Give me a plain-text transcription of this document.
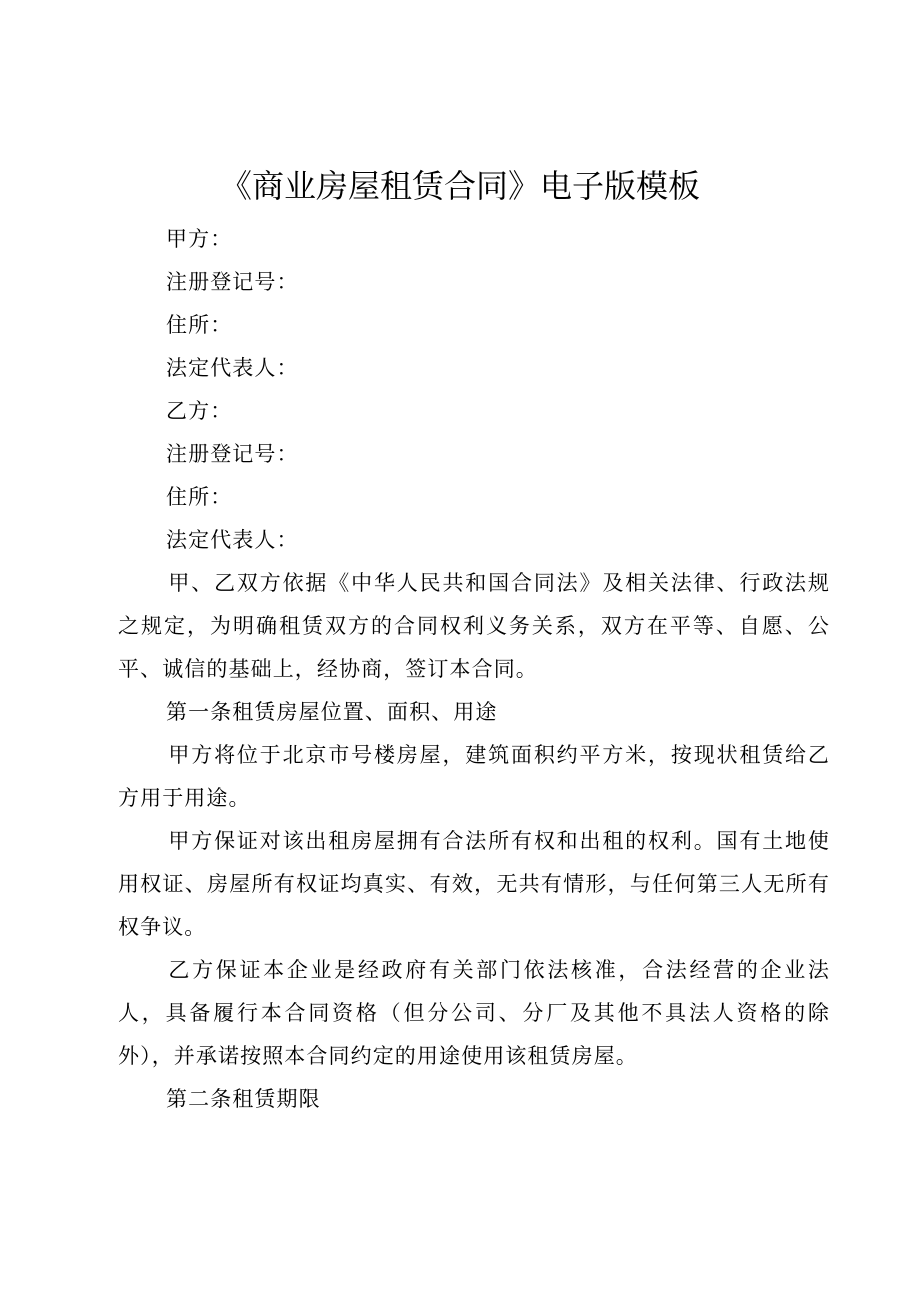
《商业房屋租赁合同》电子版模板

甲方：

注册登记号：

住所：

法定代表人：

乙方：

注册登记号：

住所：

法定代表人：

甲、乙双方依据《中华人民共和国合同法》及相关法律、行政法规之规定，为明确租赁双方的合同权利义务关系，双方在平等、自愿、公平、诚信的基础上，经协商，签订本合同。

第一条租赁房屋位置、面积、用途

甲方将位于北京市号楼房屋，建筑面积约平方米，按现状租赁给乙方用于用途。

甲方保证对该出租房屋拥有合法所有权和出租的权利。国有土地使用权证、房屋所有权证均真实、有效，无共有情形，与任何第三人无所有权争议。

乙方保证本企业是经政府有关部门依法核准，合法经营的企业法人，具备履行本合同资格（但分公司、分厂及其他不具法人资格的除外），并承诺按照本合同约定的用途使用该租赁房屋。

第二条租赁期限
